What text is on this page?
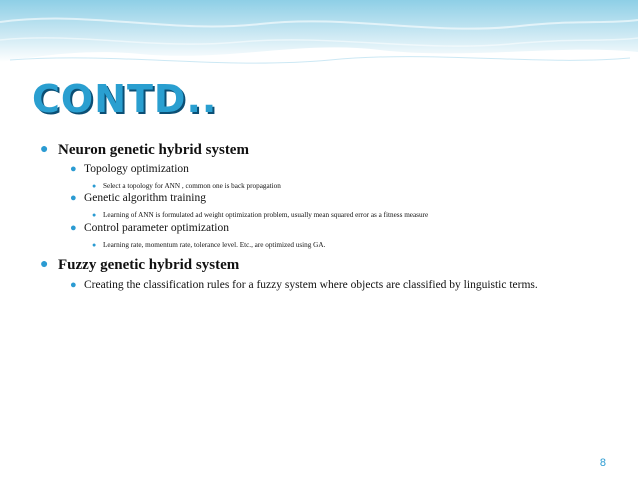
CONTD..
● Neuron genetic hybrid system
● Topology optimization
● Select a topology for ANN , common one is back propagation
● Genetic algorithm training
● Learning of ANN is formulated ad weight optimization problem, usually mean squared error as a fitness measure
● Control parameter optimization
● Learning rate, momentum rate, tolerance level. Etc., are optimized using GA.
● Fuzzy genetic hybrid system
● Creating the classification rules for a fuzzy system where objects are classified by linguistic terms.
8
